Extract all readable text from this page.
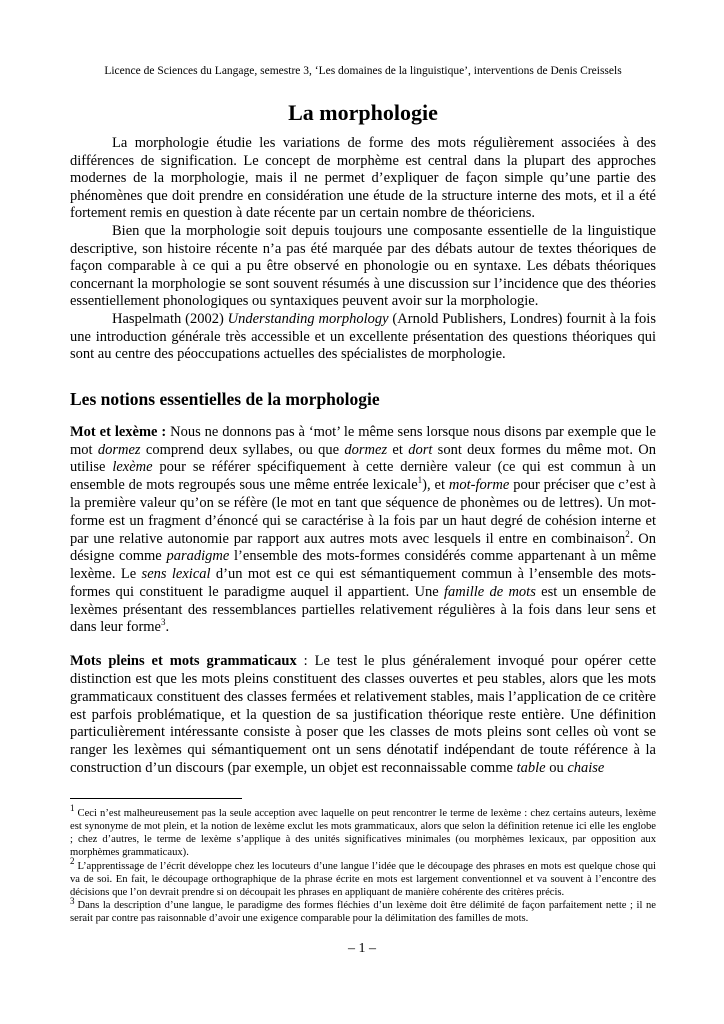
Licence de Sciences du Langage, semestre 3, ‘Les domaines de la linguistique’, interventions de Denis Creissels

La morphologie

La morphologie étudie les variations de forme des mots régulièrement associées à des différences de signification. Le concept de morphème est central dans la plupart des approches modernes de la morphologie, mais il ne permet d’expliquer de façon simple qu’une partie des phénomènes que doit prendre en considération une étude de la structure interne des mots, et il a été fortement remis en question à date récente par un certain nombre de théoriciens.

Bien que la morphologie soit depuis toujours une composante essentielle de la linguistique descriptive, son histoire récente n’a pas été marquée par des débats autour de textes théoriques de façon comparable à ce qui a pu être observé en phonologie ou en syntaxe. Les débats théoriques concernant la morphologie se sont souvent résumés à une discussion sur l’incidence que des théories essentiellement phonologiques ou syntaxiques peuvent avoir sur la morphologie.

Haspelmath (2002) Understanding morphology (Arnold Publishers, Londres) fournit à la fois une introduction générale très accessible et un excellente présentation des questions théoriques qui sont au centre des péoccupations actuelles des spécialistes de morphologie.

Les notions essentielles de la morphologie

Mot et lexème : Nous ne donnons pas à ‘mot’ le même sens lorsque nous disons par exemple que le mot dormez comprend deux syllabes, ou que dormez et dort sont deux formes du même mot. On utilise lexème pour se référer spécifiquement à cette dernière valeur (ce qui est commun à un ensemble de mots regroupés sous une même entrée lexicale$^1$), et mot-forme pour préciser que c’est à la première valeur qu’on se réfère (le mot en tant que séquence de phonèmes ou de lettres). Un mot-forme est un fragment d’énoncé qui se caractérise à la fois par un haut degré de cohésion interne et par une relative autonomie par rapport aux autres mots avec lesquels il entre en combinaison$^2$. On désigne comme paradigme l’ensemble des mots-formes considérés comme appartenant à un même lexème. Le sens lexical d’un mot est ce qui est sémantiquement commun à l’ensemble des mots-formes qui constituent le paradigme auquel il appartient. Une famille de mots est un ensemble de lexèmes présentant des ressemblances partielles relativement régulières à la fois dans leur sens et dans leur forme$^3$.

Mots pleins et mots grammaticaux : Le test le plus généralement invoqué pour opérer cette distinction est que les mots pleins constituent des classes ouvertes et peu stables, alors que les mots grammaticaux constituent des classes fermées et relativement stables, mais l’application de ce critère est parfois problématique, et la question de sa justification théorique reste entière. Une définition particulièrement intéressante consiste à poser que les classes de mots pleins sont celles où vont se ranger les lexèmes qui sémantiquement ont un sens dénotatif indépendant de toute référence à la construction d’un discours (par exemple, un objet est reconnaissable comme table ou chaise

$^1$ Ceci n’est malheureusement pas la seule acception avec laquelle on peut rencontrer le terme de lexème : chez certains auteurs, lexème est synonyme de mot plein, et la notion de lexème exclut les mots grammaticaux, alors que selon la définition retenue ici elle les englobe ; chez d’autres, le terme de lexème s’applique à des unités significatives minimales (ou morphèmes lexicaux, par opposition aux morphèmes grammaticaux).

$^2$ L’apprentissage de l’écrit développe chez les locuteurs d’une langue l’idée que le découpage des phrases en mots est quelque chose qui va de soi. En fait, le découpage orthographique de la phrase écrite en mots est largement conventionnel et va souvent à l’encontre des décisions que l’on devrait prendre si on découpait les phrases en appliquant de manière cohérente des critères précis.

$^3$ Dans la description d’une langue, le paradigme des formes fléchies d’un lexème doit être délimité de façon parfaitement nette ; il ne serait par contre pas raisonnable d’avoir une exigence comparable pour la délimitation des familles de mots.

– 1 –
